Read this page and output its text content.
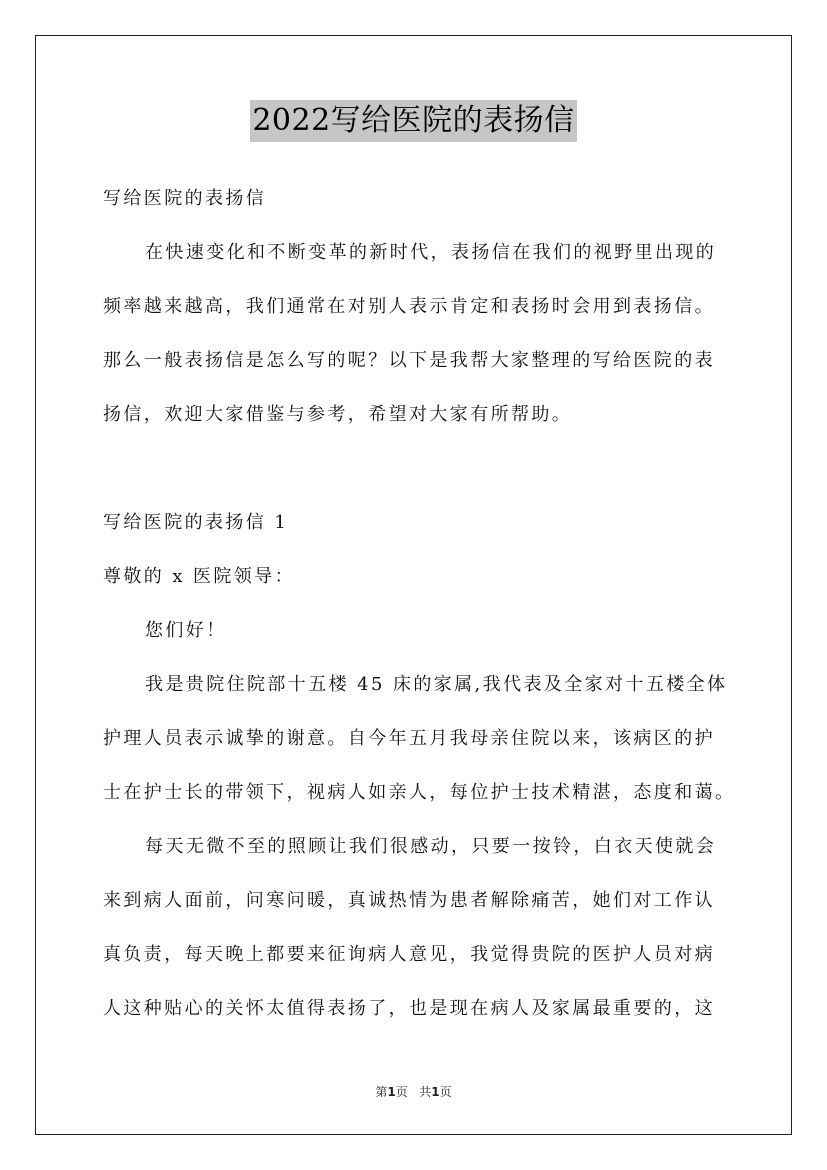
2022写给医院的表扬信

写给医院的表扬信

在快速变化和不断变革的新时代，表扬信在我们的视野里出现的

频率越来越高，我们通常在对别人表示肯定和表扬时会用到表扬信。

那么一般表扬信是怎么写的呢？以下是我帮大家整理的写给医院的表

扬信，欢迎大家借鉴与参考，希望对大家有所帮助。

写给医院的表扬信 1

尊敬的 x 医院领导：

您们好！

我是贵院住院部十五楼 45 床的家属,我代表及全家对十五楼全体

护理人员表示诚挚的谢意。自今年五月我母亲住院以来，该病区的护

士在护士长的带领下，视病人如亲人，每位护士技术精湛，态度和蔼。

每天无微不至的照顾让我们很感动，只要一按铃，白衣天使就会

来到病人面前，问寒问暖，真诚热情为患者解除痛苦，她们对工作认

真负责，每天晚上都要来征询病人意见，我觉得贵院的医护人员对病

人这种贴心的关怀太值得表扬了，也是现在病人及家属最重要的，这

第1页 共1页
